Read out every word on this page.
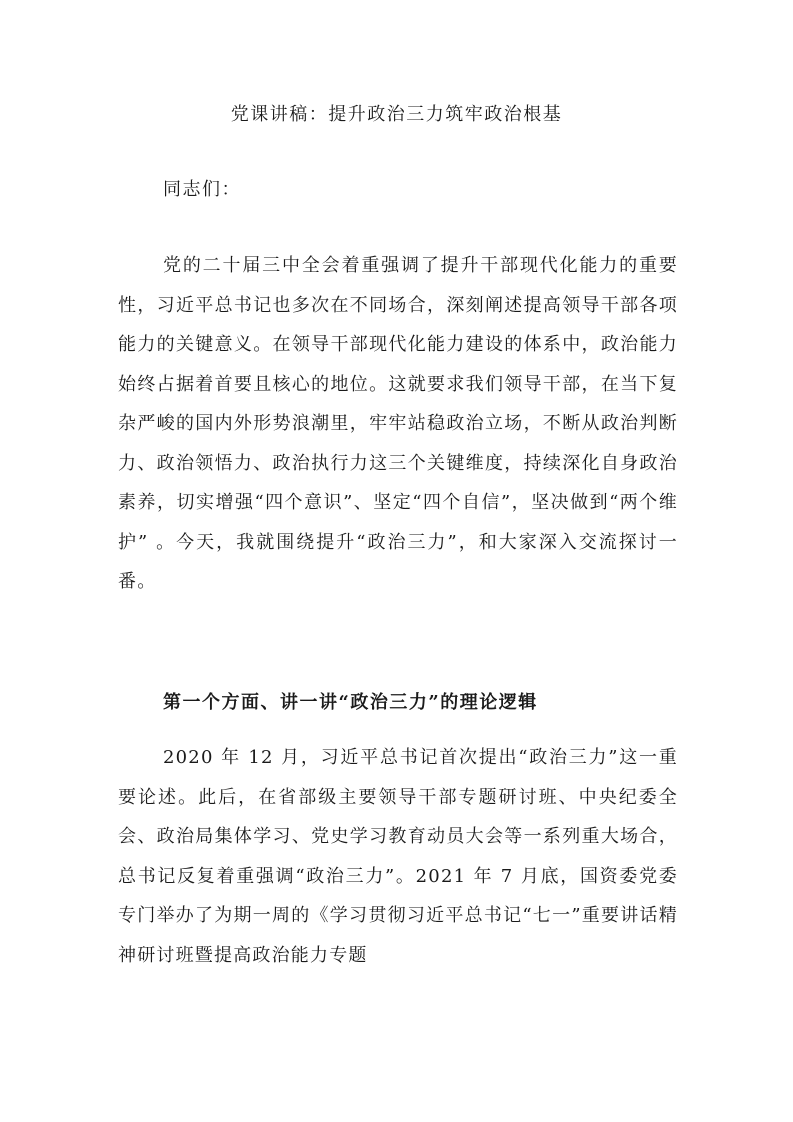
党课讲稿：提升政治三力筑牢政治根基
同志们：

党的二十届三中全会着重强调了提升干部现代化能力的重要性，习近平总书记也多次在不同场合，深刻阐述提高领导干部各项能力的关键意义。在领导干部现代化能力建设的体系中，政治能力始终占据着首要且核心的地位。这就要求我们领导干部，在当下复杂严峻的国内外形势浪潮里，牢牢站稳政治立场，不断从政治判断力、政治领悟力、政治执行力这三个关键维度，持续深化自身政治素养，切实增强“四个意识”、坚定“四个自信”，坚决做到“两个维护” 。今天，我就围绕提升“政治三力”，和大家深入交流探讨一番。

第一个方面、讲一讲“政治三力”的理论逻辑

2020 年 12 月，习近平总书记首次提出“政治三力”这一重要论述。此后，在省部级主要领导干部专题研讨班、中央纪委全会、政治局集体学习、党史学习教育动员大会等一系列重大场合，总书记反复着重强调“政治三力”。2021 年 7 月底，国资委党委专门举办了为期一周的《学习贯彻习近平总书记“七一”重要讲话精神研讨班暨提高政治能力专题
